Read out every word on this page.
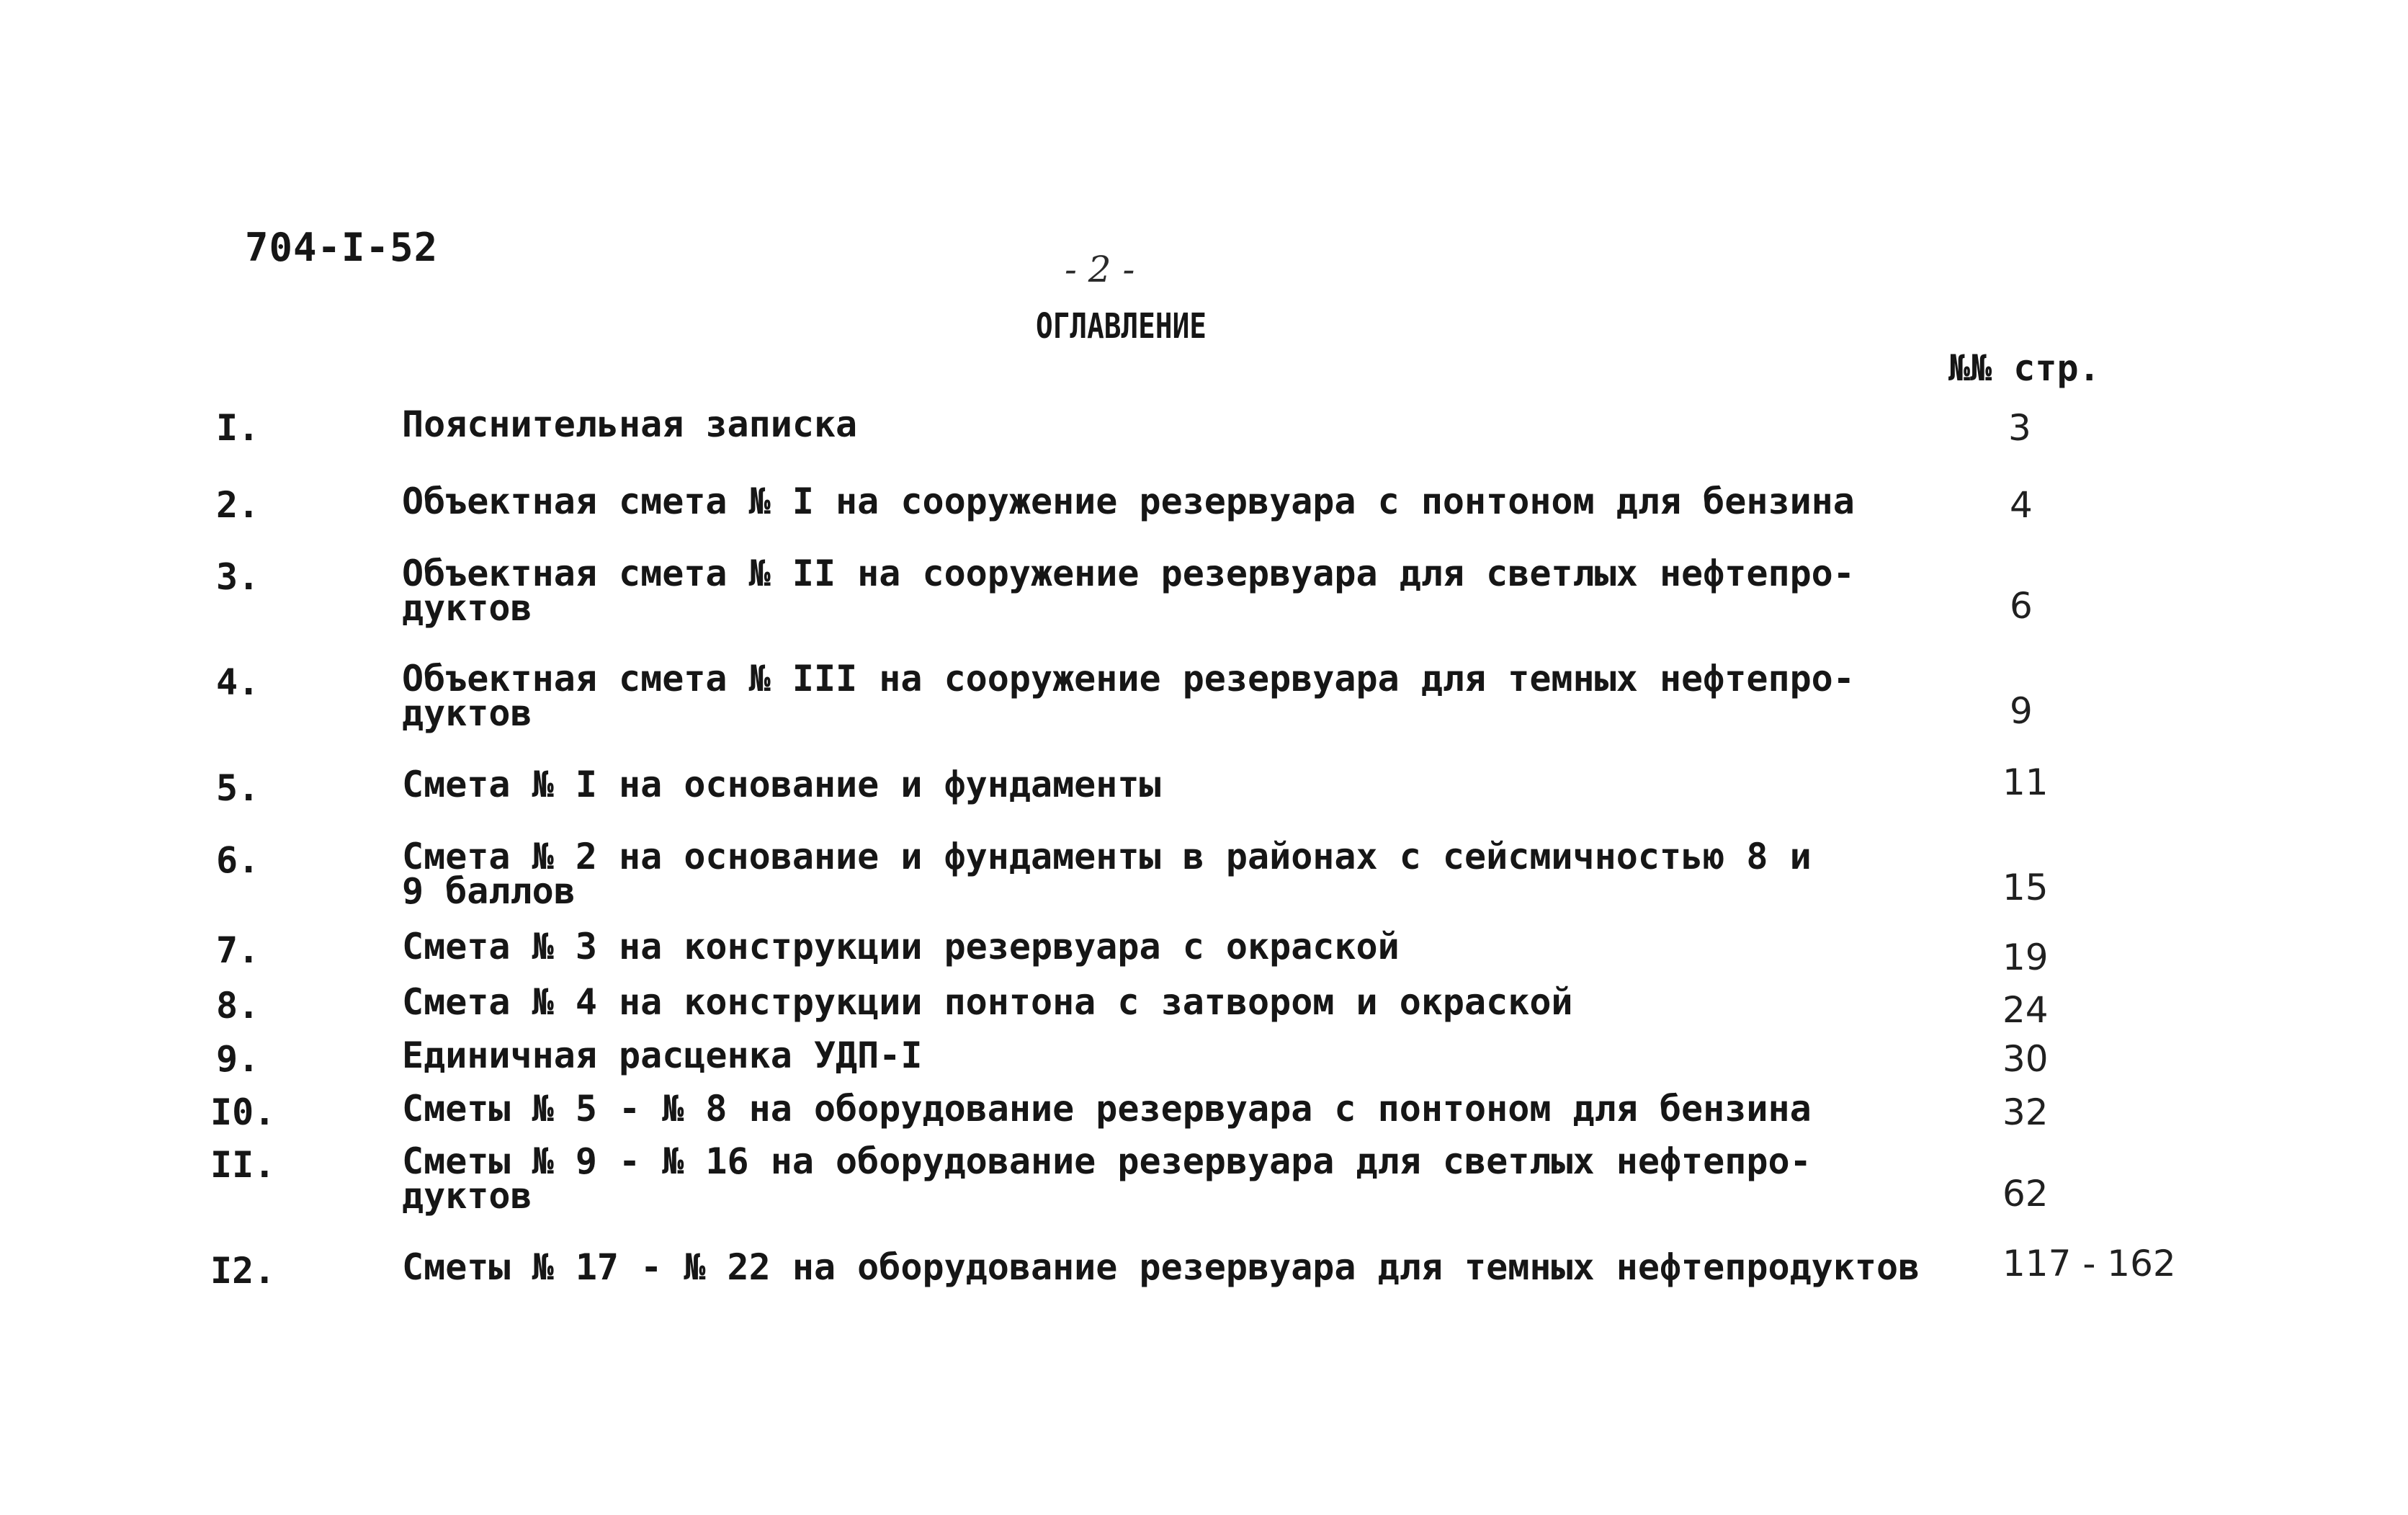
704-I-52	- 2 -
ОГЛАВЛЕНИЕ
№№ стр.
I.	Пояснительная записка	3
2.	Объектная смета № I на сооружение резервуара с понтоном для бензина	4
3.	Объектная смета № II на сооружение резервуара для светлых нефтепро-
дуктов	6
4.	Объектная смета № III на сооружение резервуара для темных нефтепро-
дуктов	9
5.	Смета № I на основание и фундаменты	11
6.	Смета № 2 на основание и фундаменты в районах с сейсмичностью 8 и
9 баллов	15
7.	Смета № 3 на конструкции резервуара с окраской	19
8.	Смета № 4 на конструкции понтона с затвором и окраской	24
9.	Единичная расценка УДП-I	30
I0.	Сметы № 5 - № 8 на оборудование резервуара с понтоном для бензина	32
II.	Сметы № 9 - № 16 на оборудование резервуара для светлых нефтепро-
дуктов	62
I2.	Сметы № 17 - № 22 на оборудование резервуара для темных нефтепродуктов	117 - 162
